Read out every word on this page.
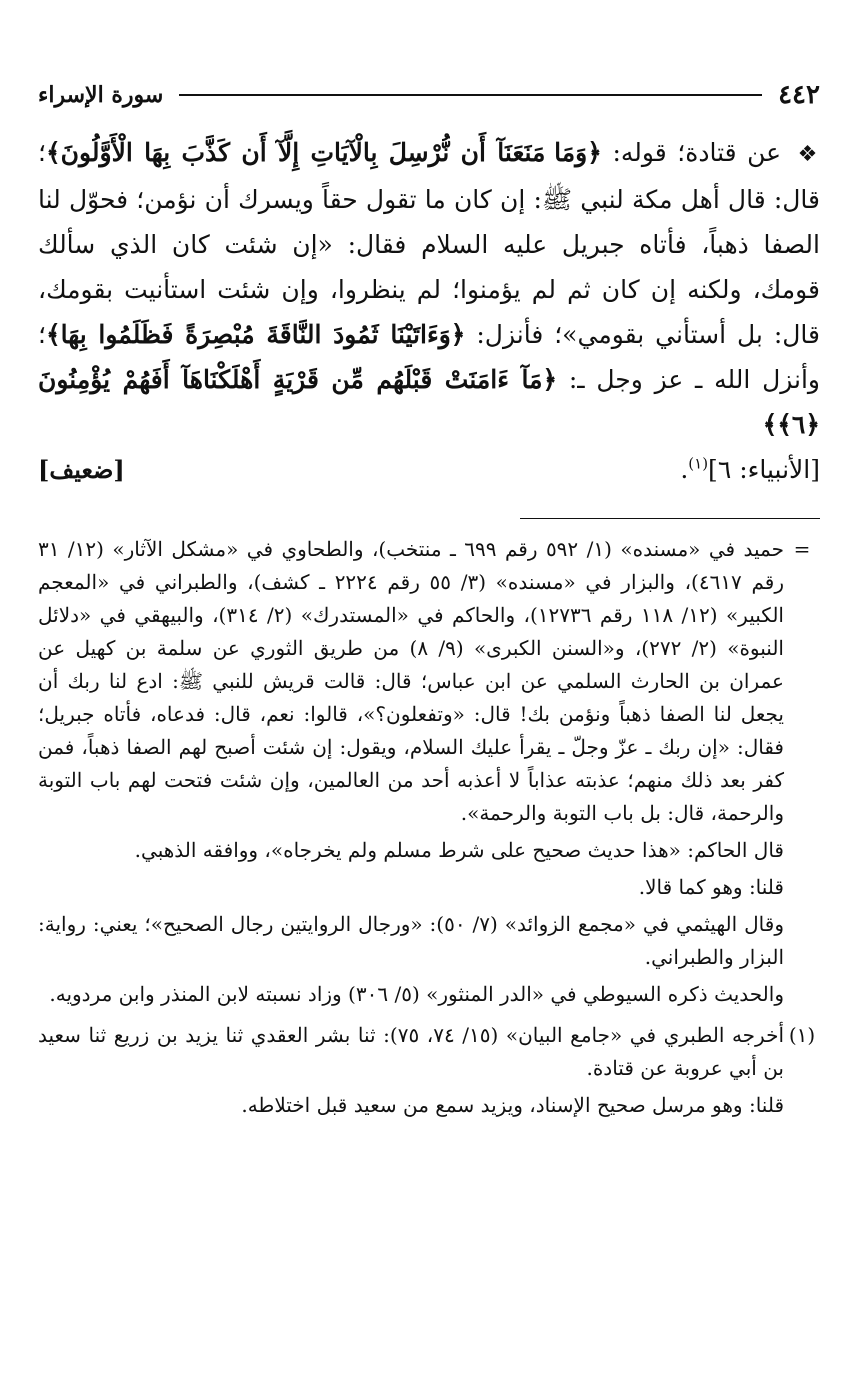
٤٤٢
سورة الإسراء

❖ عن قتادة؛ قوله: ﴿وَمَا مَنَعَنَآ أَن نُّرْسِلَ بِالْآيَاتِ إِلَّآ أَن كَذَّبَ بِهَا الْأَوَّلُونَ﴾؛ قال: قال أهل مكة لنبي ﷺ: إن كان ما تقول حقاً ويسرك أن نؤمن؛ فحوّل لنا الصفا ذهباً، فأتاه جبريل عليه السلام فقال: «إن شئت كان الذي سألك قومك، ولكنه إن كان ثم لم يؤمنوا؛ لم ينظروا، وإن شئت استأنيت بقومك، قال: بل أستأني بقومي»؛ فأنزل: ﴿وَءَاتَيْنَا ثَمُودَ النَّاقَةَ مُبْصِرَةً فَظَلَمُوا بِهَا﴾؛ وأنزل الله ـ عز وجل ـ: ﴿مَآ ءَامَنَتْ قَبْلَهُم مِّن قَرْيَةٍ أَهْلَكْنَاهَآ أَفَهُمْ يُؤْمِنُونَ ﴿٦﴾﴾

[الأنبياء: ٦]$^{(١)}$.
[ضعيف]
=

حميد في «مسنده» (١/ ٥٩٢ رقم ٦٩٩ ـ منتخب)، والطحاوي في «مشكل الآثار» (١٢/ ٣١ رقم ٤٦١٧)، والبزار في «مسنده» (٣/ ٥٥ رقم ٢٢٢٤ ـ كشف)، والطبراني في «المعجم الكبير» (١٢/ ١١٨ رقم ١٢٧٣٦)، والحاكم في «المستدرك» (٢/ ٣١٤)، والبيهقي في «دلائل النبوة» (٢/ ٢٧٢)، و«السنن الكبرى» (٩/ ٨) من طريق الثوري عن سلمة بن كهيل عن عمران بن الحارث السلمي عن ابن عباس؛ قال: قالت قريش للنبي ﷺ: ادع لنا ربك أن يجعل لنا الصفا ذهباً ونؤمن بك! قال: «وتفعلون؟»، قالوا: نعم، قال: فدعاه، فأتاه جبريل؛ فقال: «إن ربك ـ عزّ وجلّ ـ يقرأ عليك السلام، ويقول: إن شئت أصبح لهم الصفا ذهباً، فمن كفر بعد ذلك منهم؛ عذبته عذاباً لا أعذبه أحد من العالمين، وإن شئت فتحت لهم باب التوبة والرحمة، قال: بل باب التوبة والرحمة».

قال الحاكم: «هذا حديث صحيح على شرط مسلم ولم يخرجاه»، ووافقه الذهبي.

قلنا: وهو كما قالا.

وقال الهيثمي في «مجمع الزوائد» (٧/ ٥٠): «ورجال الروايتين رجال الصحيح»؛ يعني: رواية: البزار والطبراني.

والحديث ذكره السيوطي في «الدر المنثور» (٥/ ٣٠٦) وزاد نسبته لابن المنذر وابن مردويه.

(١)

أخرجه الطبري في «جامع البيان» (١٥/ ٧٤، ٧٥): ثنا بشر العقدي ثنا يزيد بن زريع ثنا سعيد بن أبي عروبة عن قتادة.

قلنا: وهو مرسل صحيح الإسناد، ويزيد سمع من سعيد قبل اختلاطه.
